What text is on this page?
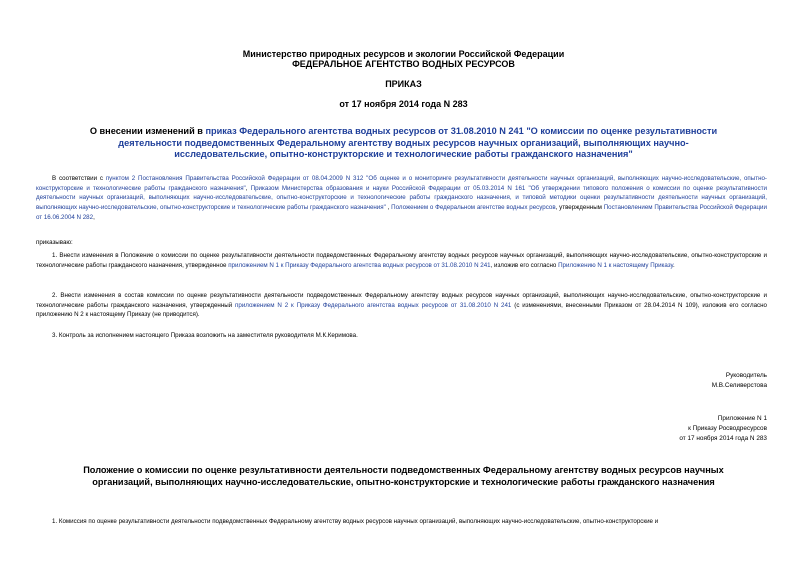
Министерство природных ресурсов и экологии Российской Федерации

ФЕДЕРАЛЬНОЕ АГЕНТСТВО ВОДНЫХ РЕСУРСОВ

ПРИКАЗ

от 17 ноября 2014 года N 283

О внесении изменений в приказ Федерального агентства водных ресурсов от 31.08.2010 N 241 "О комиссии по оценке результативности деятельности подведомственных Федеральному агентству водных ресурсов научных организаций, выполняющих научно-исследовательские, опытно-конструкторские и технологические работы гражданского назначения"

В соответствии с пунктом 2 Постановления Правительства Российской Федерации от 08.04.2009 N 312 "Об оценке и о мониторинге результативности деятельности научных организаций, выполняющих научно-исследовательские, опытно-конструкторские и технологические работы гражданского назначения", Приказом Министерства образования и науки Российской Федерации от 05.03.2014 N 161 "Об утверждении типового положения о комиссии по оценке результативности деятельности научных организаций, выполняющих научно-исследовательские, опытно-конструкторские и технологические работы гражданского назначения, и типовой методики оценки результативности деятельности научных организаций, выполняющих научно-исследовательские, опытно-конструкторские и технологические работы гражданского назначения" , Положением о Федеральном агентстве водных ресурсов, утвержденным Постановлением Правительства Российской Федерации от 16.06.2004 N 282,

приказываю:

1. Внести изменения в Положение о комиссии по оценке результативности деятельности подведомственных Федеральному агентству водных ресурсов научных организаций, выполняющих научно-исследовательские, опытно-конструкторские и технологические работы гражданского назначения, утвержденное приложением N 1 к Приказу Федерального агентства водных ресурсов от 31.08.2010 N 241, изложив его согласно Приложению N 1 к настоящему Приказу.

2. Внести изменения в состав комиссии по оценке результативности деятельности подведомственных Федеральному агентству водных ресурсов научных организаций, выполняющих научно-исследовательские, опытно-конструкторские и технологические работы гражданского назначения, утвержденный приложением N 2 к Приказу Федерального агентства водных ресурсов от 31.08.2010 N 241 (с изменениями, внесенными Приказом от 28.04.2014 N 109), изложив его согласно приложению N 2 к настоящему Приказу (не приводится).

3. Контроль за исполнением настоящего Приказа возложить на заместителя руководителя М.К.Керимова.

Руководитель

М.В.Селиверстова

Приложение N 1

к Приказу Росводресурсов

от 17 ноября 2014 года N 283

Положение о комиссии по оценке результативности деятельности подведомственных Федеральному агентству водных ресурсов научных организаций, выполняющих научно-исследовательские, опытно-конструкторские и технологические работы гражданского назначения

1. Комиссия по оценке результативности деятельности подведомственных Федеральному агентству водных ресурсов научных организаций, выполняющих научно-исследовательские, опытно-конструкторские и
